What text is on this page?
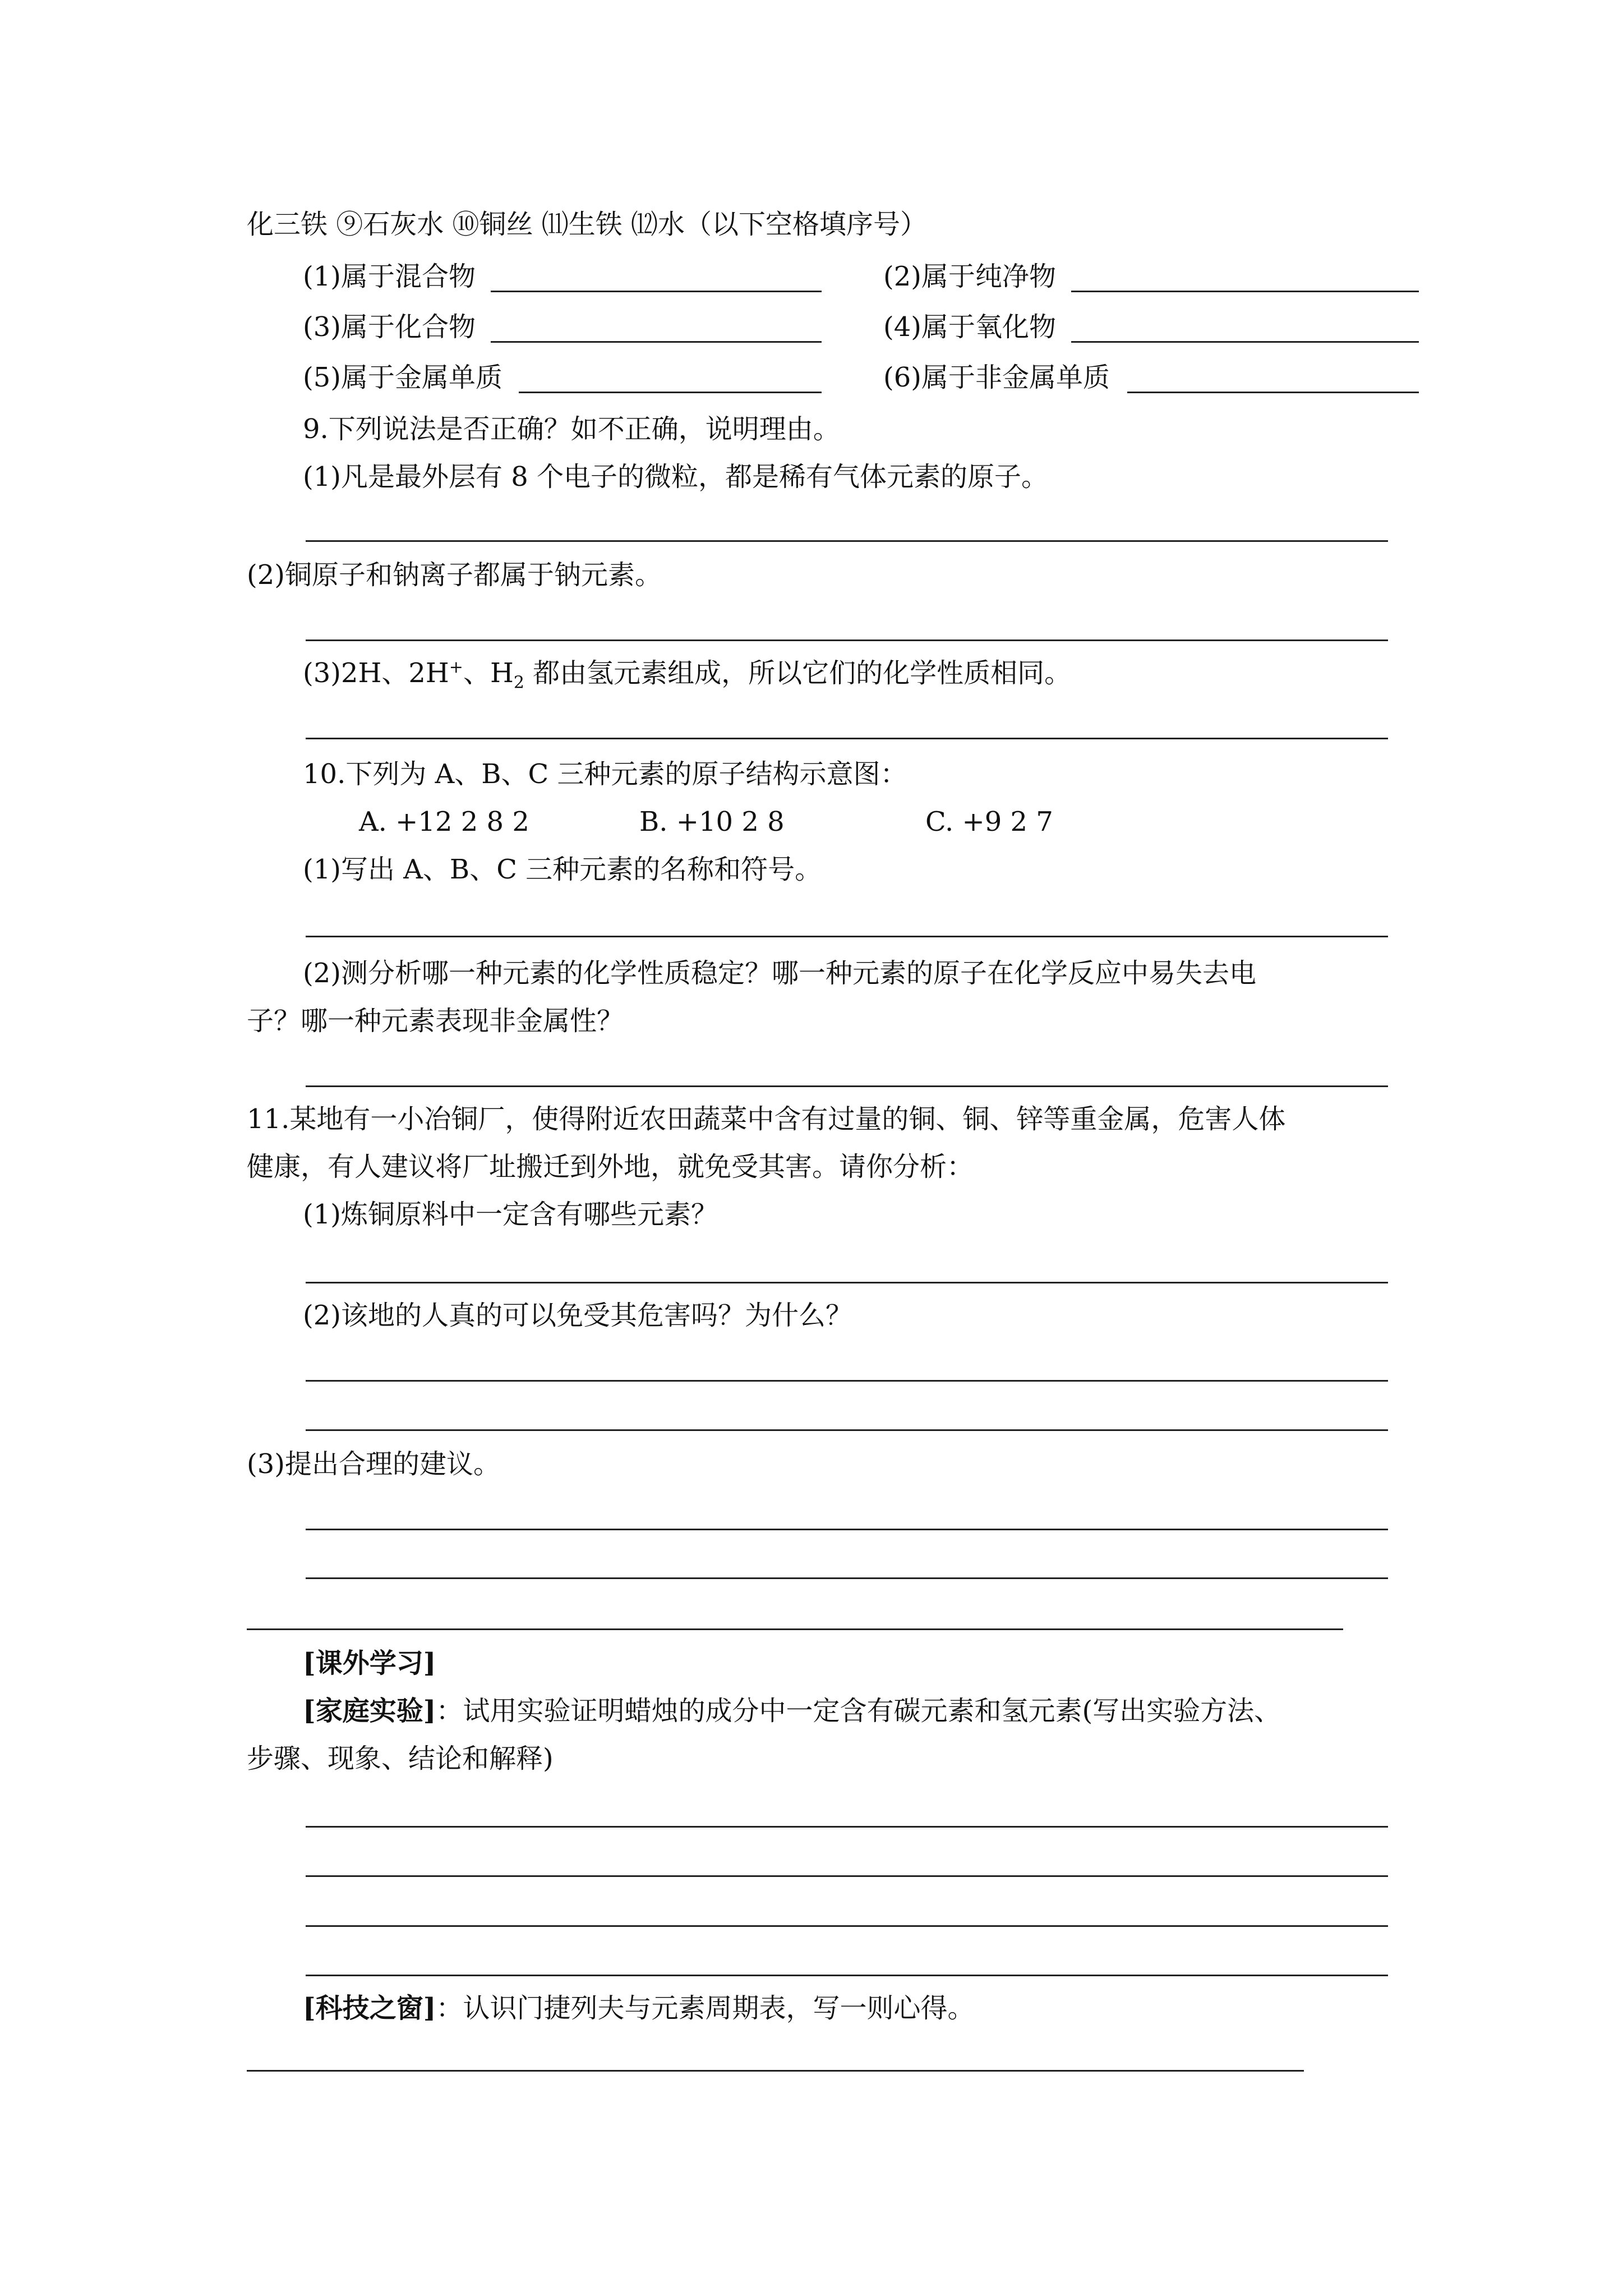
化三铁 ⑨石灰水 ⑩铜丝 ⑾生铁 ⑿水（以下空格填序号）
(1)属于混合物	(2)属于纯净物
(3)属于化合物	(4)属于氧化物
(5)属于金属单质	(6)属于非金属单质
9.下列说法是否正确？如不正确，说明理由。
(1)凡是最外层有 8 个电子的微粒，都是稀有气体元素的原子。
(2)铜原子和钠离子都属于钠元素。
(3)2H、2H+、$H_2$ 都由氢元素组成，所以它们的化学性质相同。
10.下列为 A、B、C 三种元素的原子结构示意图：
A. +12 2 8 2	B. +10 2 8	C. +9 2 7
(1)写出 A、B、C 三种元素的名称和符号。
(2)测分析哪一种元素的化学性质稳定？哪一种元素的原子在化学反应中易失去电
子？哪一种元素表现非金属性？
11.某地有一小冶铜厂，使得附近农田蔬菜中含有过量的铜、铜、锌等重金属，危害人体
健康，有人建议将厂址搬迁到外地，就免受其害。请你分析：
(1)炼铜原料中一定含有哪些元素？
(2)该地的人真的可以免受其危害吗？为什么？
(3)提出合理的建议。
[课外学习]
[家庭实验]：试用实验证明蜡烛的成分中一定含有碳元素和氢元素(写出实验方法、
步骤、现象、结论和解释)
[科技之窗]：认识门捷列夫与元素周期表，写一则心得。
